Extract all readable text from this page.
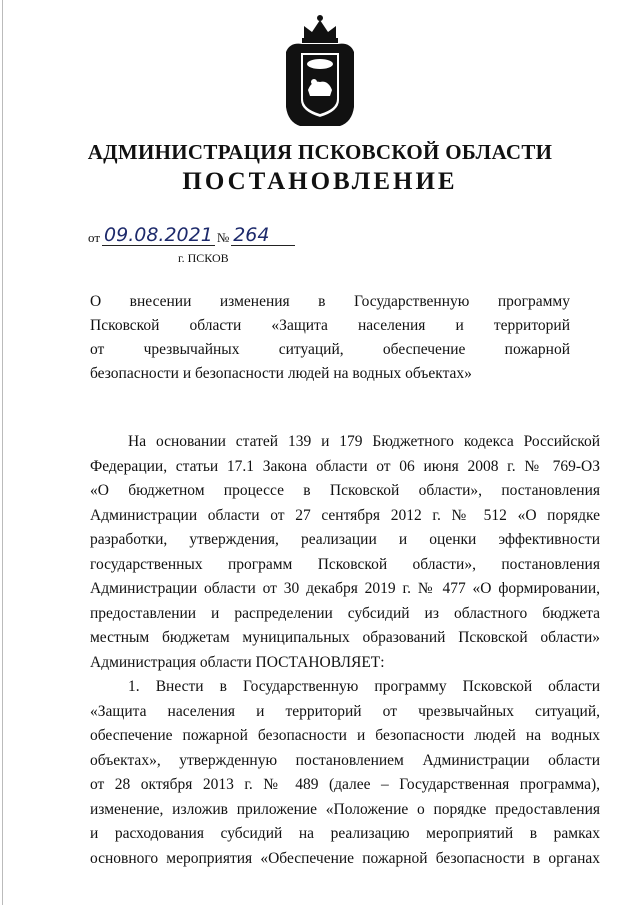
АДМИНИСТРАЦИЯ ПСКОВСКОЙ ОБЛАСТИ
ПОСТАНОВЛЕНИЕ
от 09.08.2021 № 264
г. ПСКОВ
О внесении изменения в Государственную программу
Псковской области «Защита населения и территорий
от чрезвычайных ситуаций, обеспечение пожарной
безопасности и безопасности людей на водных объектах»
На основании статей 139 и 179 Бюджетного кодекса Российской
Федерации, статьи 17.1 Закона области от 06 июня 2008 г. № 769-ОЗ
«О бюджетном процессе в Псковской области», постановления
Администрации области от 27 сентября 2012 г. № 512 «О порядке
разработки, утверждения, реализации и оценки эффективности
государственных программ Псковской области», постановления
Администрации области от 30 декабря 2019 г. № 477 «О формировании,
предоставлении и распределении субсидий из областного бюджета
местным бюджетам муниципальных образований Псковской области»
Администрация области ПОСТАНОВЛЯЕТ:
1. Внести в Государственную программу Псковской области
«Защита населения и территорий от чрезвычайных ситуаций,
обеспечение пожарной безопасности и безопасности людей на водных
объектах», утвержденную постановлением Администрации области
от 28 октября 2013 г. № 489 (далее – Государственная программа),
изменение, изложив приложение «Положение о порядке предоставления
и расходования субсидий на реализацию мероприятий в рамках
основного мероприятия «Обеспечение пожарной безопасности в органах
